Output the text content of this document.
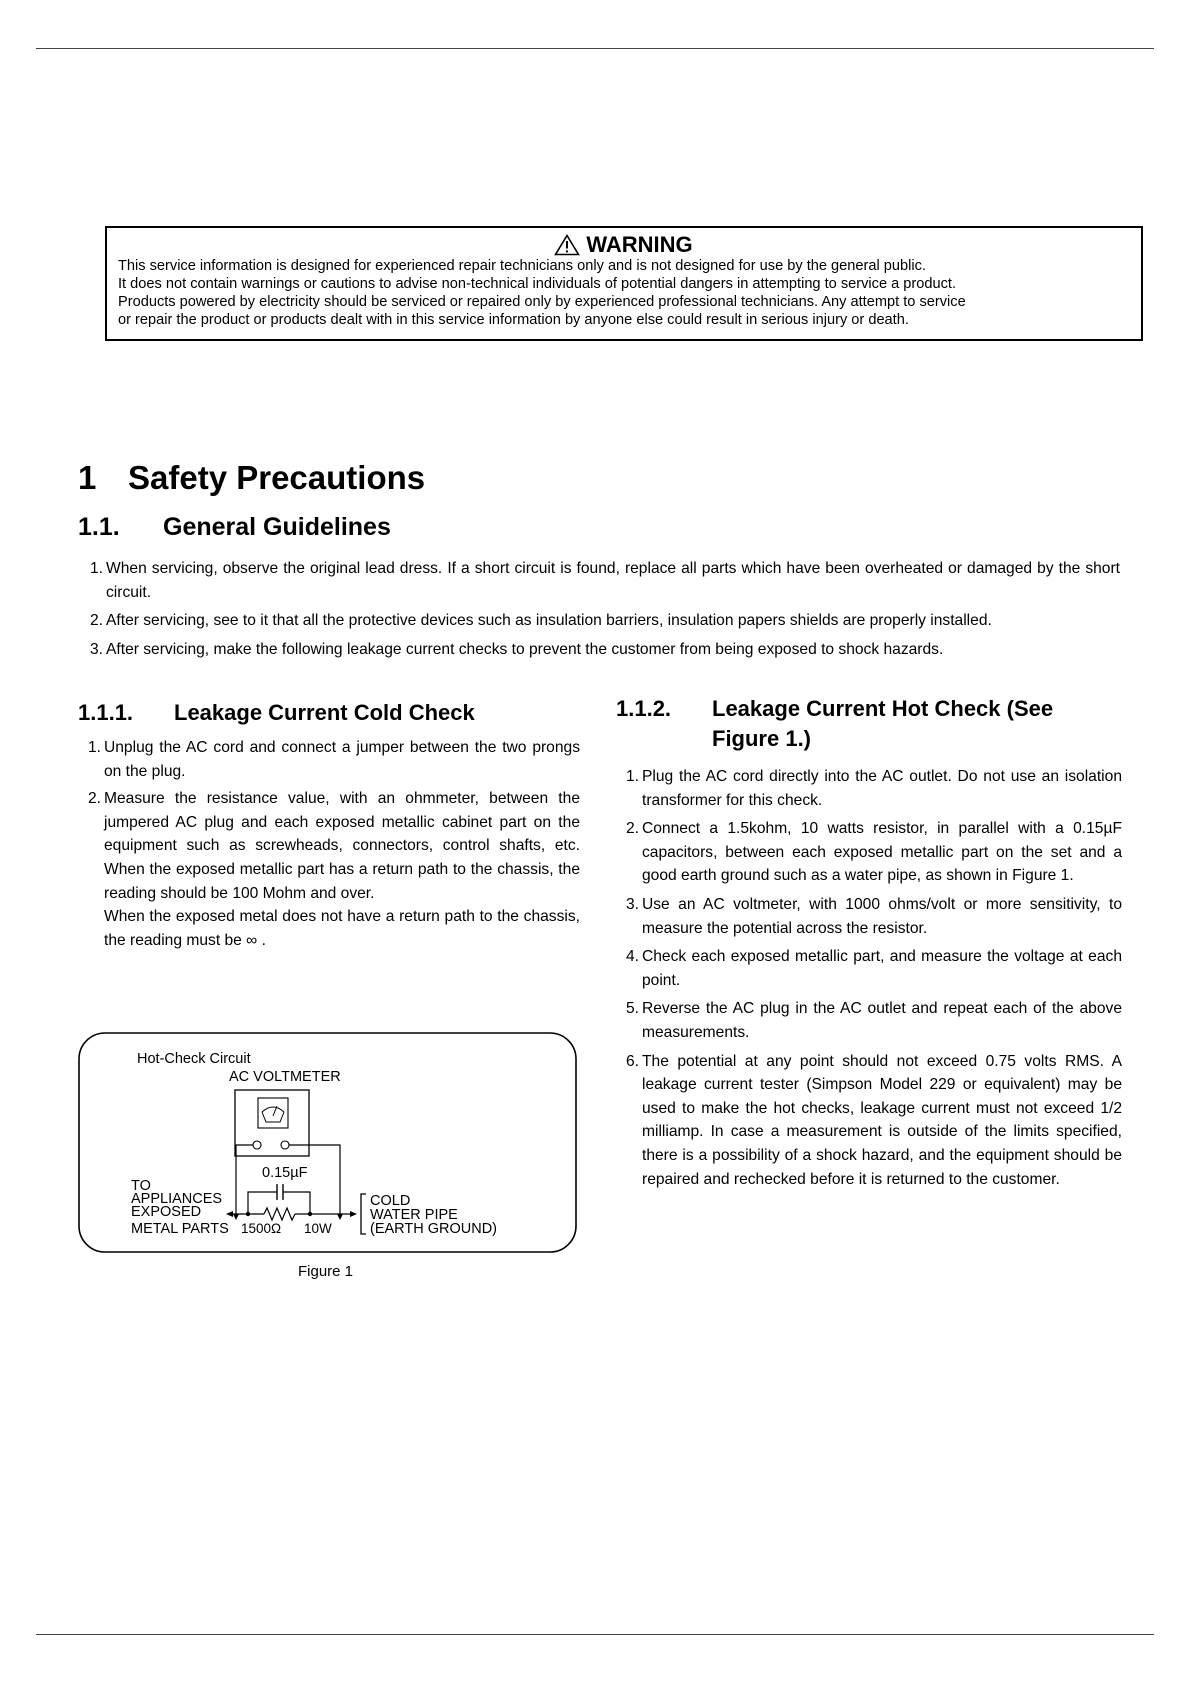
WARNING
This service information is designed for experienced repair technicians only and is not designed for use by the general public.
It does not contain warnings or cautions to advise non-technical individuals of potential dangers in attempting to service a product.
Products powered by electricity should be serviced or repaired only by experienced professional technicians. Any attempt to service
or repair the product or products dealt with in this service information by anyone else could result in serious injury or death.
1 Safety Precautions
1.1. General Guidelines
1. When servicing, observe the original lead dress. If a short circuit is found, replace all parts which have been overheated or damaged by the short circuit.
2. After servicing, see to it that all the protective devices such as insulation barriers, insulation papers shields are properly installed.
3. After servicing, make the following leakage current checks to prevent the customer from being exposed to shock hazards.
1.1.1.	Leakage Current Cold Check
1. Unplug the AC cord and connect a jumper between the two prongs on the plug.
2. Measure the resistance value, with an ohmmeter, between the jumpered AC plug and each exposed metallic cabinet part on the equipment such as screwheads, connectors, control shafts, etc. When the exposed metallic part has a return path to the chassis, the reading should be 100 Mohm and over.
When the exposed metal does not have a return path to the chassis, the reading must be ∞ .
Hot-Check Circuit
AC VOLTMETER
0.15µF
TO
APPLIANCES
EXPOSED
METAL PARTS 1500Ω 10W
COLD
WATER PIPE
(EARTH GROUND)
Figure 1
1.1.2.	Leakage Current Hot Check (See Figure 1.)
1. Plug the AC cord directly into the AC outlet. Do not use an isolation transformer for this check.
2. Connect a 1.5kohm, 10 watts resistor, in parallel with a 0.15µF capacitors, between each exposed metallic part on the set and a good earth ground such as a water pipe, as shown in Figure 1.
3. Use an AC voltmeter, with 1000 ohms/volt or more sensitivity, to measure the potential across the resistor.
4. Check each exposed metallic part, and measure the voltage at each point.
5. Reverse the AC plug in the AC outlet and repeat each of the above measurements.
6. The potential at any point should not exceed 0.75 volts RMS. A leakage current tester (Simpson Model 229 or equivalent) may be used to make the hot checks, leakage current must not exceed 1/2 milliamp. In case a measurement is outside of the limits specified, there is a possibility of a shock hazard, and the equipment should be repaired and rechecked before it is returned to the customer.
